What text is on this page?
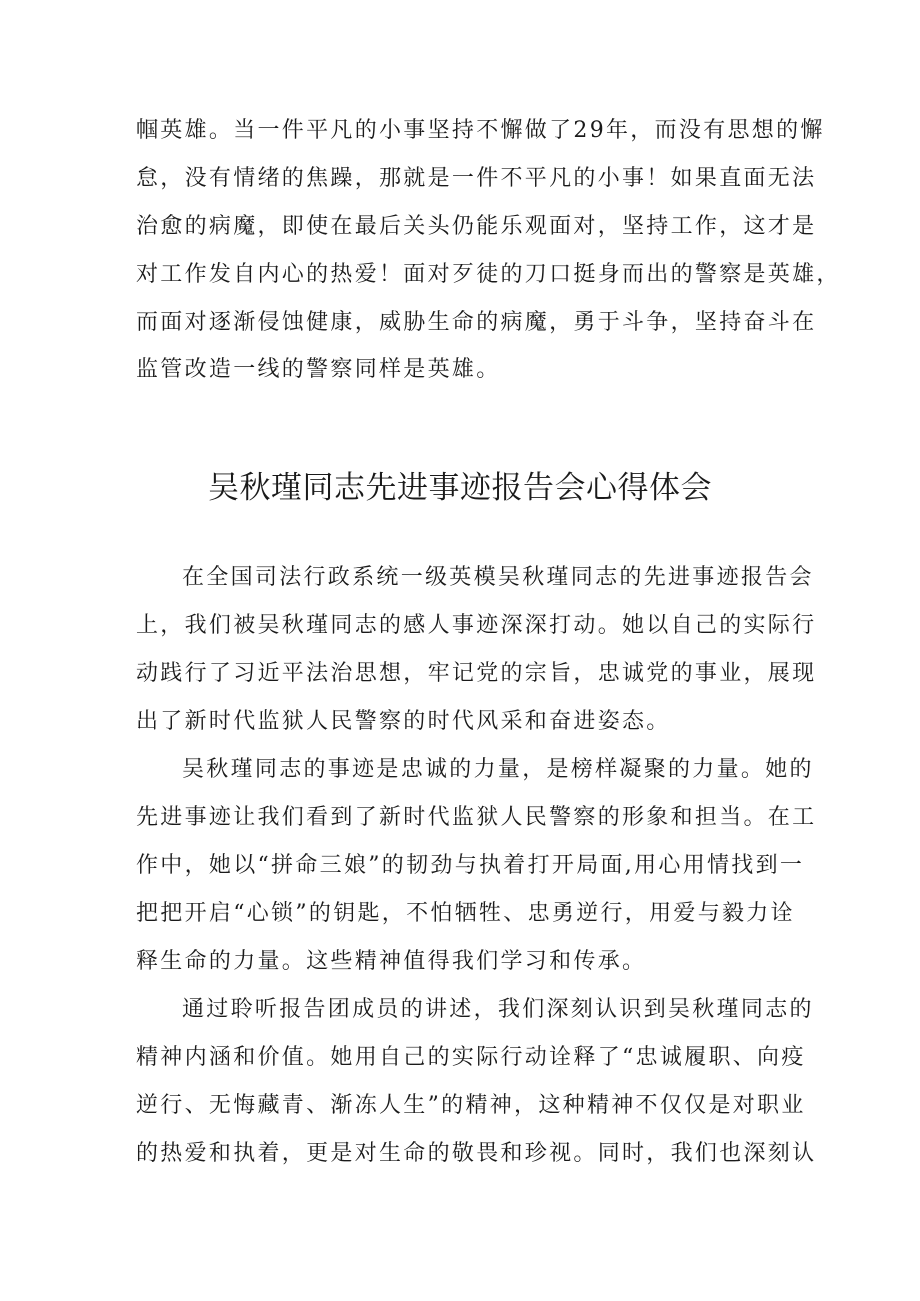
帼英雄。当一件平凡的小事坚持不懈做了29年，而没有思想的懈
怠，没有情绪的焦躁，那就是一件不平凡的小事！如果直面无法
治愈的病魔，即使在最后关头仍能乐观面对，坚持工作，这才是
对工作发自内心的热爱！面对歹徒的刀口挺身而出的警察是英雄，
而面对逐渐侵蚀健康，威胁生命的病魔，勇于斗争，坚持奋斗在
监管改造一线的警察同样是英雄。
吴秋瑾同志先进事迹报告会心得体会
在全国司法行政系统一级英模吴秋瑾同志的先进事迹报告会
上，我们被吴秋瑾同志的感人事迹深深打动。她以自己的实际行
动践行了习近平法治思想，牢记党的宗旨，忠诚党的事业，展现
出了新时代监狱人民警察的时代风采和奋进姿态。
吴秋瑾同志的事迹是忠诚的力量，是榜样凝聚的力量。她的
先进事迹让我们看到了新时代监狱人民警察的形象和担当。在工
作中，她以“拼命三娘”的韧劲与执着打开局面,用心用情找到一
把把开启“心锁”的钥匙，不怕牺牲、忠勇逆行，用爱与毅力诠
释生命的力量。这些精神值得我们学习和传承。
通过聆听报告团成员的讲述，我们深刻认识到吴秋瑾同志的
精神内涵和价值。她用自己的实际行动诠释了“忠诚履职、向疫
逆行、无悔藏青、渐冻人生”的精神，这种精神不仅仅是对职业
的热爱和执着，更是对生命的敬畏和珍视。同时，我们也深刻认
